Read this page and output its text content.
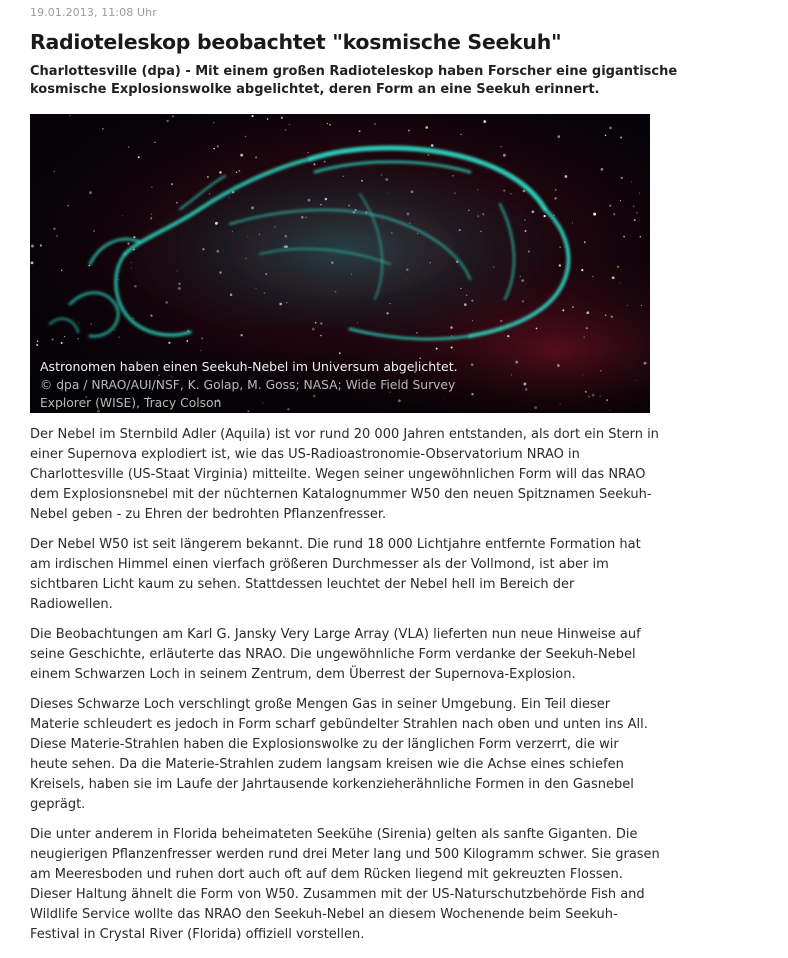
19.01.2013, 11:08 Uhr
Radioteleskop beobachtet "kosmische Seekuh"

Charlottesville (dpa) - Mit einem großen Radioteleskop haben Forscher eine gigantische kosmische Explosionswolke abgelichtet, deren Form an eine Seekuh erinnert.

Astronomen haben einen Seekuh-Nebel im Universum abgelichtet.
© dpa / NRAO/AUI/NSF, K. Golap, M. Goss; NASA; Wide Field Survey Explorer (WISE), Tracy Colson

Der Nebel im Sternbild Adler (Aquila) ist vor rund 20 000 Jahren entstanden, als dort ein Stern in einer Supernova explodiert ist, wie das US-Radioastronomie-Observatorium NRAO in Charlottesville (US-Staat Virginia) mitteilte. Wegen seiner ungewöhnlichen Form will das NRAO dem Explosionsnebel mit der nüchternen Katalognummer W50 den neuen Spitznamen Seekuh-Nebel geben - zu Ehren der bedrohten Pflanzenfresser.

Der Nebel W50 ist seit längerem bekannt. Die rund 18 000 Lichtjahre entfernte Formation hat am irdischen Himmel einen vierfach größeren Durchmesser als der Vollmond, ist aber im sichtbaren Licht kaum zu sehen. Stattdessen leuchtet der Nebel hell im Bereich der Radiowellen.

Die Beobachtungen am Karl G. Jansky Very Large Array (VLA) lieferten nun neue Hinweise auf seine Geschichte, erläuterte das NRAO. Die ungewöhnliche Form verdanke der Seekuh-Nebel einem Schwarzen Loch in seinem Zentrum, dem Überrest der Supernova-Explosion.

Dieses Schwarze Loch verschlingt große Mengen Gas in seiner Umgebung. Ein Teil dieser Materie schleudert es jedoch in Form scharf gebündelter Strahlen nach oben und unten ins All. Diese Materie-Strahlen haben die Explosionswolke zu der länglichen Form verzerrt, die wir heute sehen. Da die Materie-Strahlen zudem langsam kreisen wie die Achse eines schiefen Kreisels, haben sie im Laufe der Jahrtausende korkenzieherähnliche Formen in den Gasnebel geprägt.

Die unter anderem in Florida beheimateten Seekühe (Sirenia) gelten als sanfte Giganten. Die neugierigen Pflanzenfresser werden rund drei Meter lang und 500 Kilogramm schwer. Sie grasen am Meeresboden und ruhen dort auch oft auf dem Rücken liegend mit gekreuzten Flossen. Dieser Haltung ähnelt die Form von W50. Zusammen mit der US-Naturschutzbehörde Fish and Wildlife Service wollte das NRAO den Seekuh-Nebel an diesem Wochenende beim Seekuh-Festival in Crystal River (Florida) offiziell vorstellen.
